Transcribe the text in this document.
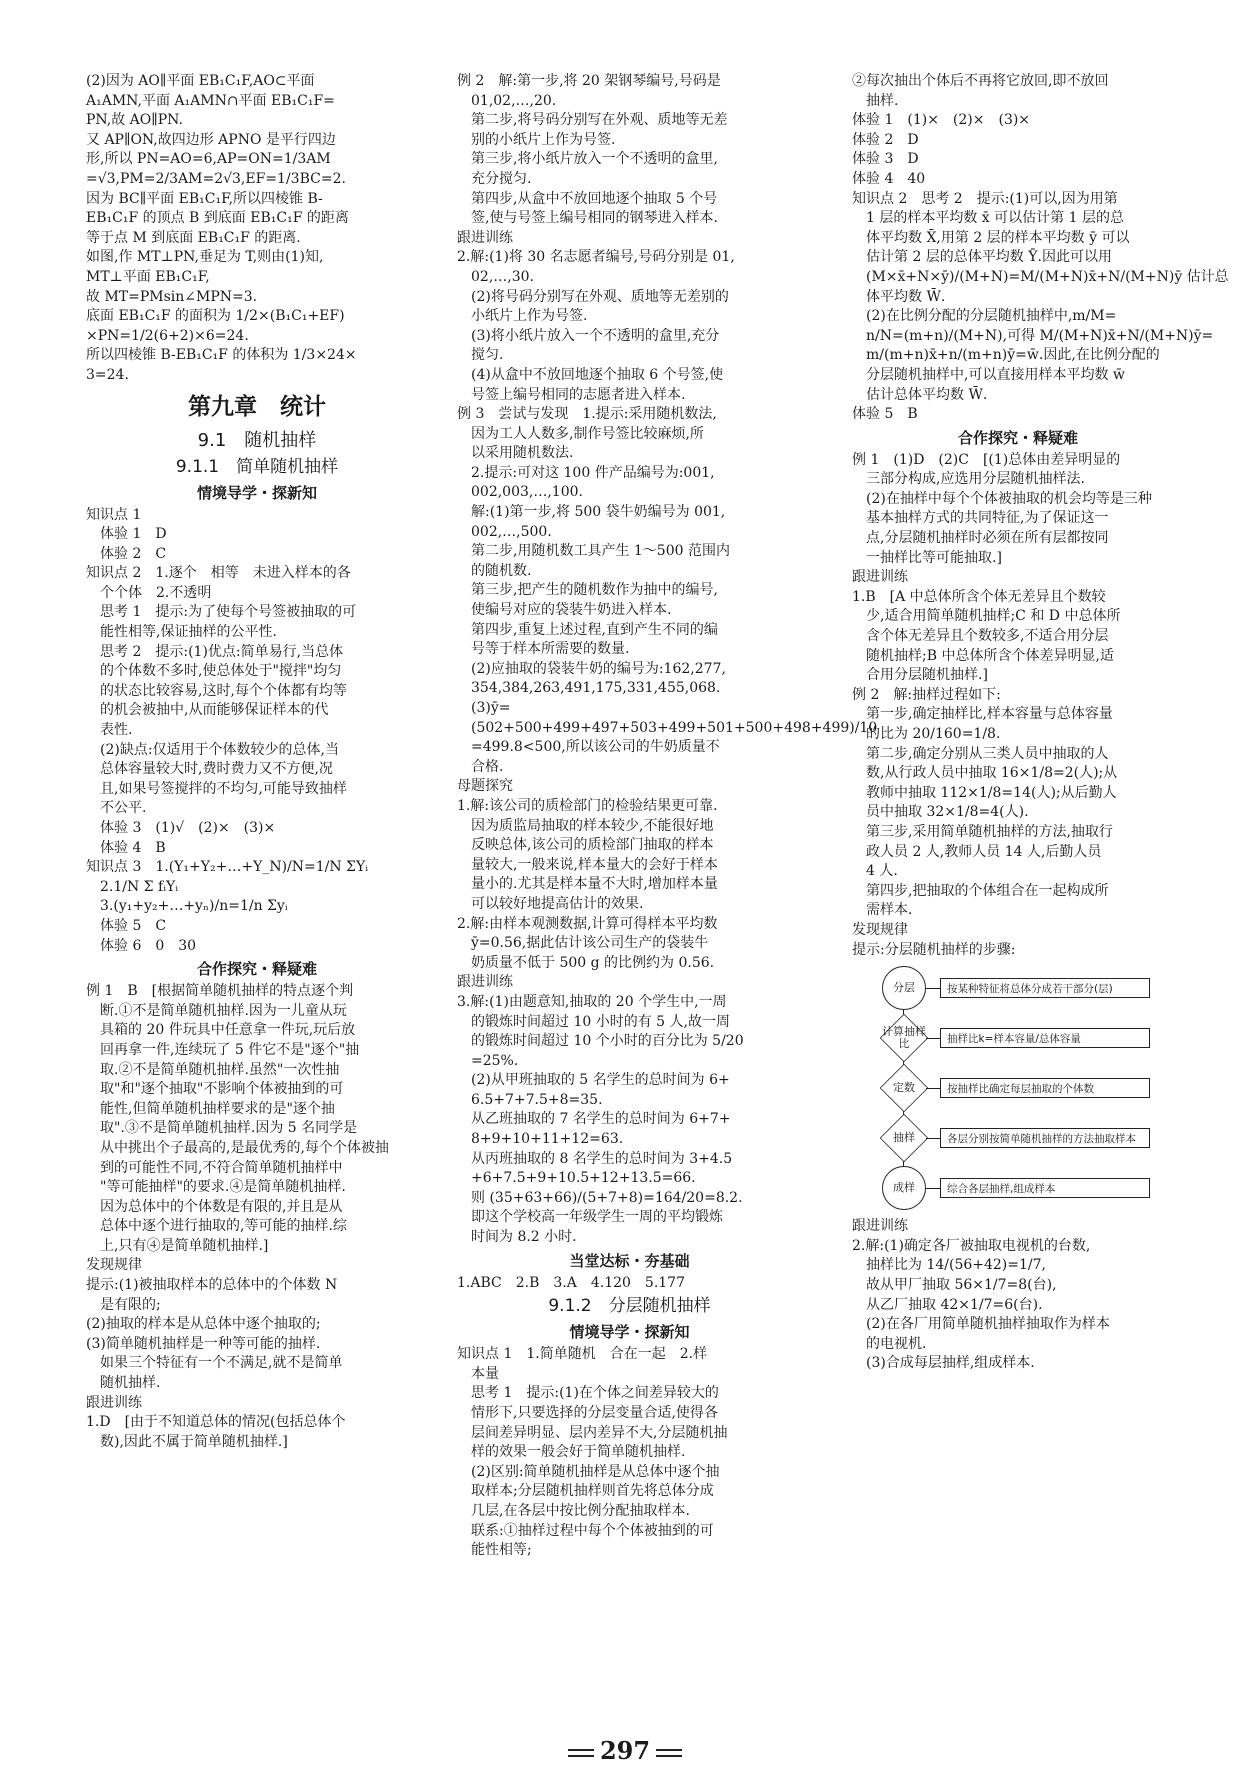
(2)因为 AO∥平面 EB₁C₁F,AO⊂平面
A₁AMN,平面 A₁AMN∩平面 EB₁C₁F=
PN,故 AO∥PN.
又 AP∥ON,故四边形 APNO 是平行四边
形,所以 PN=AO=6,AP=ON=1/3AM
=√3,PM=2/3AM=2√3,EF=1/3BC=2.
因为 BC∥平面 EB₁C₁F,所以四棱锥 B-
EB₁C₁F 的顶点 B 到底面 EB₁C₁F 的距离
等于点 M 到底面 EB₁C₁F 的距离.
如图,作 MT⊥PN,垂足为 T,则由(1)知,
MT⊥平面 EB₁C₁F,
故 MT=PMsin∠MPN=3.
底面 EB₁C₁F 的面积为 1/2×(B₁C₁+EF)
×PN=1/2(6+2)×6=24.
所以四棱锥 B-EB₁C₁F 的体积为 1/3×24×
3=24.
第九章　统计
9.1　随机抽样
9.1.1　简单随机抽样
情境导学・探新知
知识点 1
　体验 1　D
　体验 2　C
知识点 2　1.逐个　相等　未进入样本的各
　个个体　2.不透明
　思考 1　提示:为了使每个号签被抽取的可
　能性相等,保证抽样的公平性.
　思考 2　提示:(1)优点:简单易行,当总体
　的个体数不多时,使总体处于"搅拌"均匀
　的状态比较容易,这时,每个个体都有均等
　的机会被抽中,从而能够保证样本的代
　表性.
　(2)缺点:仅适用于个体数较少的总体,当
　总体容量较大时,费时费力又不方便,况
　且,如果号签搅拌的不均匀,可能导致抽样
　不公平.
　体验 3　(1)√　(2)×　(3)×
　体验 4　B
知识点 3　1.(Y₁+Y₂+…+Y_N)/N=1/N ΣYᵢ
　2.1/N Σ fᵢYᵢ
　3.(y₁+y₂+…+yₙ)/n=1/n Σyᵢ
　体验 5　C
　体验 6　0　30
合作探究・释疑难
例 1　B　[根据简单随机抽样的特点逐个判
　断.①不是简单随机抽样.因为一儿童从玩
　具箱的 20 件玩具中任意拿一件玩,玩后放
　回再拿一件,连续玩了 5 件它不是"逐个"抽
　取.②不是简单随机抽样.虽然"一次性抽
　取"和"逐个抽取"不影响个体被抽到的可
　能性,但简单随机抽样要求的是"逐个抽
　取".③不是简单随机抽样.因为 5 名同学是
　从中挑出个子最高的,是最优秀的,每个个体被抽
　到的可能性不同,不符合简单随机抽样中
　"等可能抽样"的要求.④是简单随机抽样.
　因为总体中的个体数是有限的,并且是从
　总体中逐个进行抽取的,等可能的抽样.综
　上,只有④是简单随机抽样.]
发现规律
提示:(1)被抽取样本的总体中的个体数 N
　是有限的;
(2)抽取的样本是从总体中逐个抽取的;
(3)简单随机抽样是一种等可能的抽样.
　如果三个特征有一个不满足,就不是简单
　随机抽样.
跟进训练
1.D　[由于不知道总体的情况(包括总体个
　数),因此不属于简单随机抽样.]
例 2　解:第一步,将 20 架钢琴编号,号码是
　01,02,…,20.
　第二步,将号码分别写在外观、质地等无差
　别的小纸片上作为号签.
　第三步,将小纸片放入一个不透明的盒里,
　充分搅匀.
　第四步,从盒中不放回地逐个抽取 5 个号
　签,使与号签上编号相同的钢琴进入样本.
跟进训练
2.解:(1)将 30 名志愿者编号,号码分别是 01,
　02,…,30.
　(2)将号码分别写在外观、质地等无差别的
　小纸片上作为号签.
　(3)将小纸片放入一个不透明的盒里,充分
　搅匀.
　(4)从盒中不放回地逐个抽取 6 个号签,使
　号签上编号相同的志愿者进入样本.
例 3　尝试与发现　1.提示:采用随机数法,
　因为工人人数多,制作号签比较麻烦,所
　以采用随机数法.
　2.提示:可对这 100 件产品编号为:001,
　002,003,…,100.
　解:(1)第一步,将 500 袋牛奶编号为 001,
　002,…,500.
　第二步,用随机数工具产生 1～500 范围内
　的随机数.
　第三步,把产生的随机数作为抽中的编号,
　使编号对应的袋装牛奶进入样本.
　第四步,重复上述过程,直到产生不同的编
　号等于样本所需要的数量.
　(2)应抽取的袋装牛奶的编号为:162,277,
　354,384,263,491,175,331,455,068.
　(3)ȳ=
　(502+500+499+497+503+499+501+500+498+499)/10
　=499.8<500,所以该公司的牛奶质量不
　合格.
母题探究
1.解:该公司的质检部门的检验结果更可靠.
　因为质监局抽取的样本较少,不能很好地
　反映总体,该公司的质检部门抽取的样本
　量较大,一般来说,样本量大的会好于样本
　量小的.尤其是样本量不大时,增加样本量
　可以较好地提高估计的效果.
2.解:由样本观测数据,计算可得样本平均数
　ȳ=0.56,据此估计该公司生产的袋装牛
　奶质量不低于 500 g 的比例约为 0.56.
跟进训练
3.解:(1)由题意知,抽取的 20 个学生中,一周
　的锻炼时间超过 10 小时的有 5 人,故一周
　的锻炼时间超过 10 个小时的百分比为 5/20
　=25%.
　(2)从甲班抽取的 5 名学生的总时间为 6+
　6.5+7+7.5+8=35.
　从乙班抽取的 7 名学生的总时间为 6+7+
　8+9+10+11+12=63.
　从丙班抽取的 8 名学生的总时间为 3+4.5
　+6+7.5+9+10.5+12+13.5=66.
　则 (35+63+66)/(5+7+8)=164/20=8.2.
　即这个学校高一年级学生一周的平均锻炼
　时间为 8.2 小时.
当堂达标・夯基础
1.ABC　2.B　3.A　4.120　5.177
9.1.2　分层随机抽样
情境导学・探新知
知识点 1　1.简单随机　合在一起　2.样
　本量
　思考 1　提示:(1)在个体之间差异较大的
　情形下,只要选择的分层变量合适,使得各
　层间差异明显、层内差异不大,分层随机抽
　样的效果一般会好于简单随机抽样.
　(2)区别:简单随机抽样是从总体中逐个抽
　取样本;分层随机抽样则首先将总体分成
　几层,在各层中按比例分配抽取样本.
　联系:①抽样过程中每个个体被抽到的可
　能性相等;
②每次抽出个体后不再将它放回,即不放回
　抽样.
体验 1　(1)×　(2)×　(3)×
体验 2　D
体验 3　D
体验 4　40
知识点 2　思考 2　提示:(1)可以,因为用第
　1 层的样本平均数 x̄ 可以估计第 1 层的总
　体平均数 X̄,用第 2 层的样本平均数 ȳ 可以
　估计第 2 层的总体平均数 Ȳ.因此可以用
　(M×x̄+N×ȳ)/(M+N)=M/(M+N)x̄+N/(M+N)ȳ 估计总
　体平均数 W̄.
　(2)在比例分配的分层随机抽样中,m/M=
　n/N=(m+n)/(M+N),可得 M/(M+N)x̄+N/(M+N)ȳ=
　m/(m+n)x̄+n/(m+n)ȳ=w̄.因此,在比例分配的
　分层随机抽样中,可以直接用样本平均数 w̄
　估计总体平均数 W̄.
体验 5　B
合作探究・释疑难
例 1　(1)D　(2)C　[(1)总体由差异明显的
　三部分构成,应选用分层随机抽样法.
　(2)在抽样中每个个体被抽取的机会均等是三种
　基本抽样方式的共同特征,为了保证这一
　点,分层随机抽样时必须在所有层都按同
　一抽样比等可能抽取.]
跟进训练
1.B　[A 中总体所含个体无差异且个数较
　少,适合用简单随机抽样;C 和 D 中总体所
　含个体无差异且个数较多,不适合用分层
　随机抽样;B 中总体所含个体差异明显,适
　合用分层随机抽样.]
例 2　解:抽样过程如下:
　第一步,确定抽样比,样本容量与总体容量
　的比为 20/160=1/8.
　第二步,确定分别从三类人员中抽取的人
　数,从行政人员中抽取 16×1/8=2(人);从
　教师中抽取 112×1/8=14(人);从后勤人
　员中抽取 32×1/8=4(人).
　第三步,采用简单随机抽样的方法,抽取行
　政人员 2 人,教师人员 14 人,后勤人员
　4 人.
　第四步,把抽取的个体组合在一起构成所
　需样本.
发现规律
提示:分层随机抽样的步骤:
分层	按某种特征将总体分成若干部分(层)
计算抽样比	抽样比k=样本容量/总体容量
定数	按抽样比确定每层抽取的个体数
抽样	各层分别按简单随机抽样的方法抽取样本
成样	综合各层抽样,组成样本
跟进训练
2.解:(1)确定各厂被抽取电视机的台数,
　抽样比为 14/(56+42)=1/7,
　故从甲厂抽取 56×1/7=8(台),
　从乙厂抽取 42×1/7=6(台).
　(2)在各厂用简单随机抽样抽取作为样本
　的电视机.
　(3)合成每层抽样,组成样本.
297
